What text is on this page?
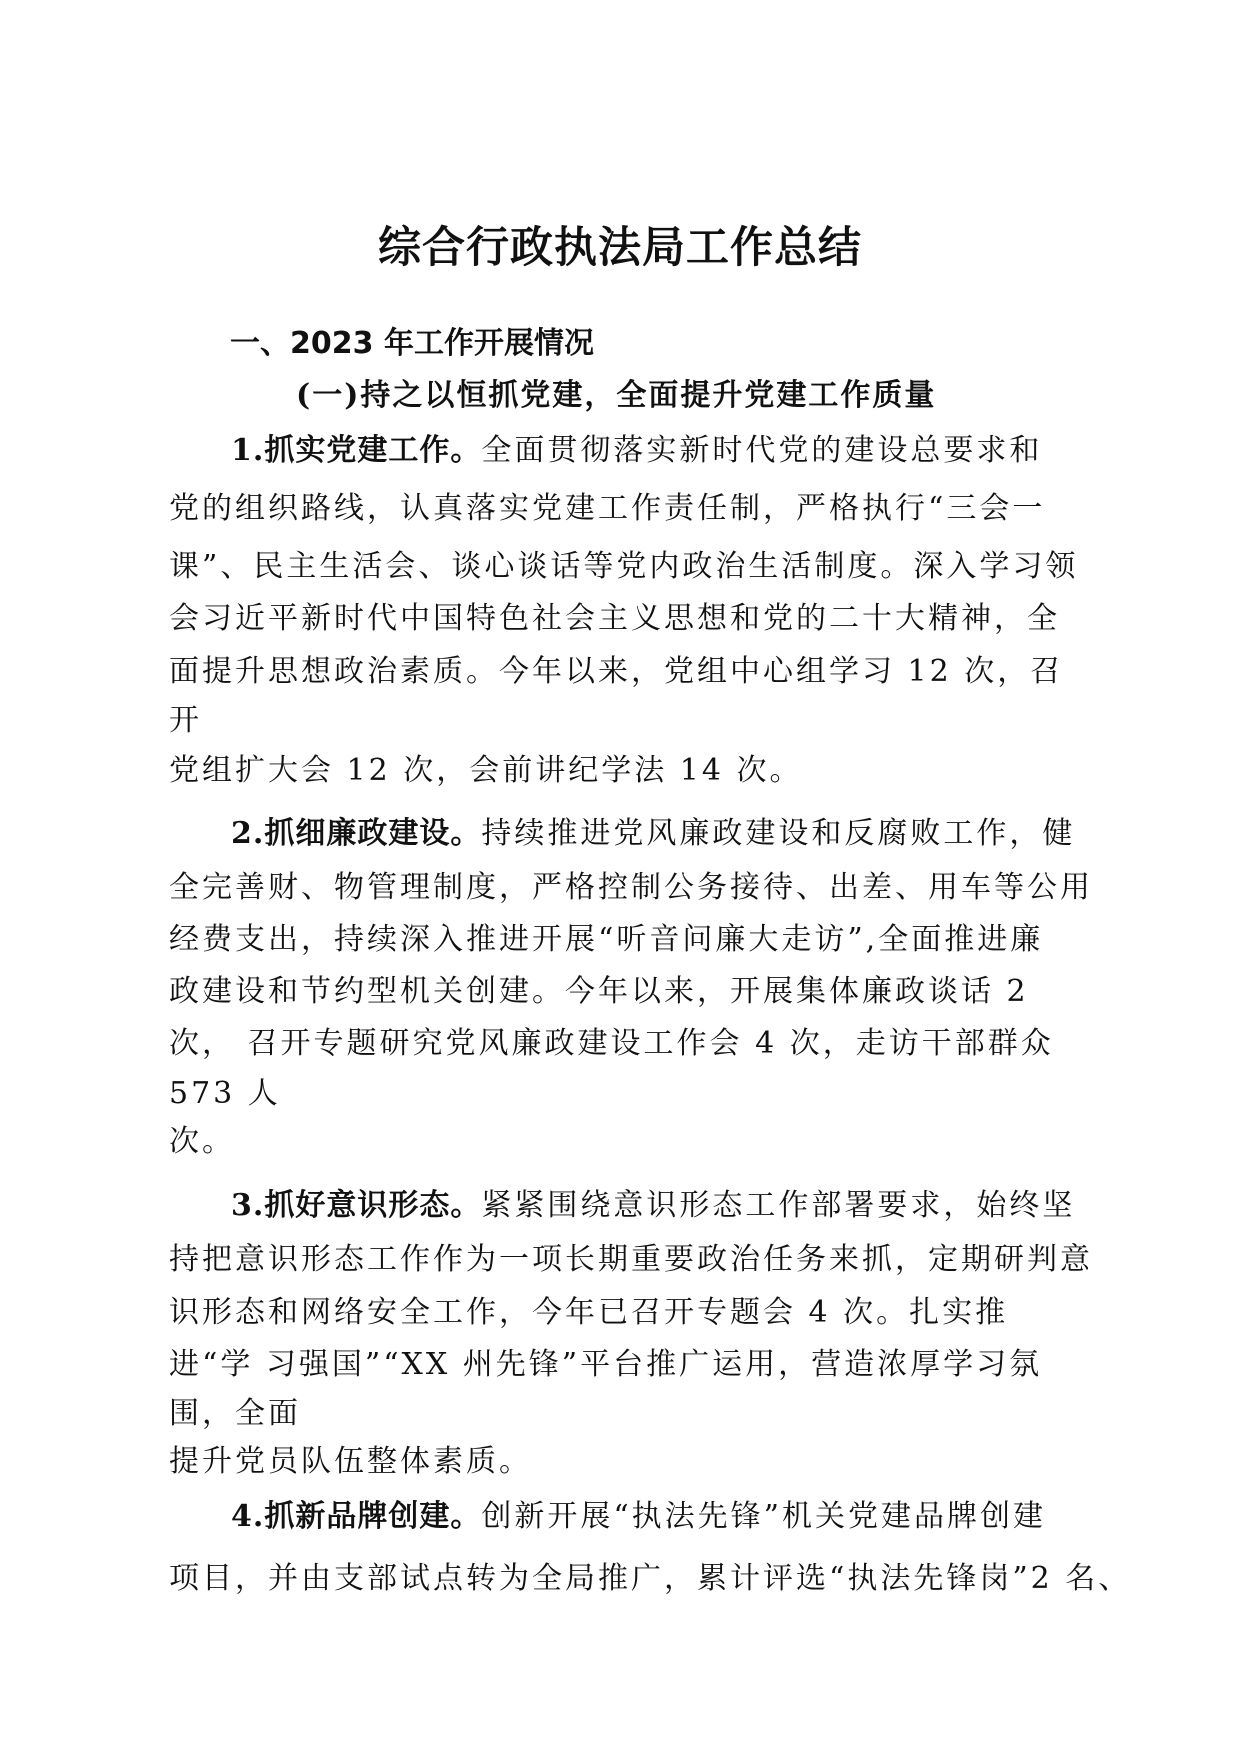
综合行政执法局工作总结
一、2023 年工作开展情况
(一)持之以恒抓党建，全面提升党建工作质量
1.抓实党建工作。全面贯彻落实新时代党的建设总要求和
党的组织路线，认真落实党建工作责任制，严格执行“三会一
课”、民主生活会、谈心谈话等党内政治生活制度。深入学习领
会习近平新时代中国特色社会主义思想和党的二十大精神，全
面提升思想政治素质。今年以来，党组中心组学习 12 次，召
开
党组扩大会 12 次，会前讲纪学法 14 次。
2.抓细廉政建设。持续推进党风廉政建设和反腐败工作，健
全完善财、物管理制度，严格控制公务接待、出差、用车等公用
经费支出，持续深入推进开展“听音问廉大走访”,全面推进廉
政建设和节约型机关创建。今年以来，开展集体廉政谈话 2
次， 召开专题研究党风廉政建设工作会 4 次，走访干部群众
573 人
次。
3.抓好意识形态。紧紧围绕意识形态工作部署要求，始终坚
持把意识形态工作作为一项长期重要政治任务来抓，定期研判意
识形态和网络安全工作，今年已召开专题会 4 次。扎实推
进“学 习强国”“XX 州先锋”平台推广运用，营造浓厚学习氛
围，全面
提升党员队伍整体素质。
4.抓新品牌创建。创新开展“执法先锋”机关党建品牌创建
项目，并由支部试点转为全局推广，累计评选“执法先锋岗”2 名、
